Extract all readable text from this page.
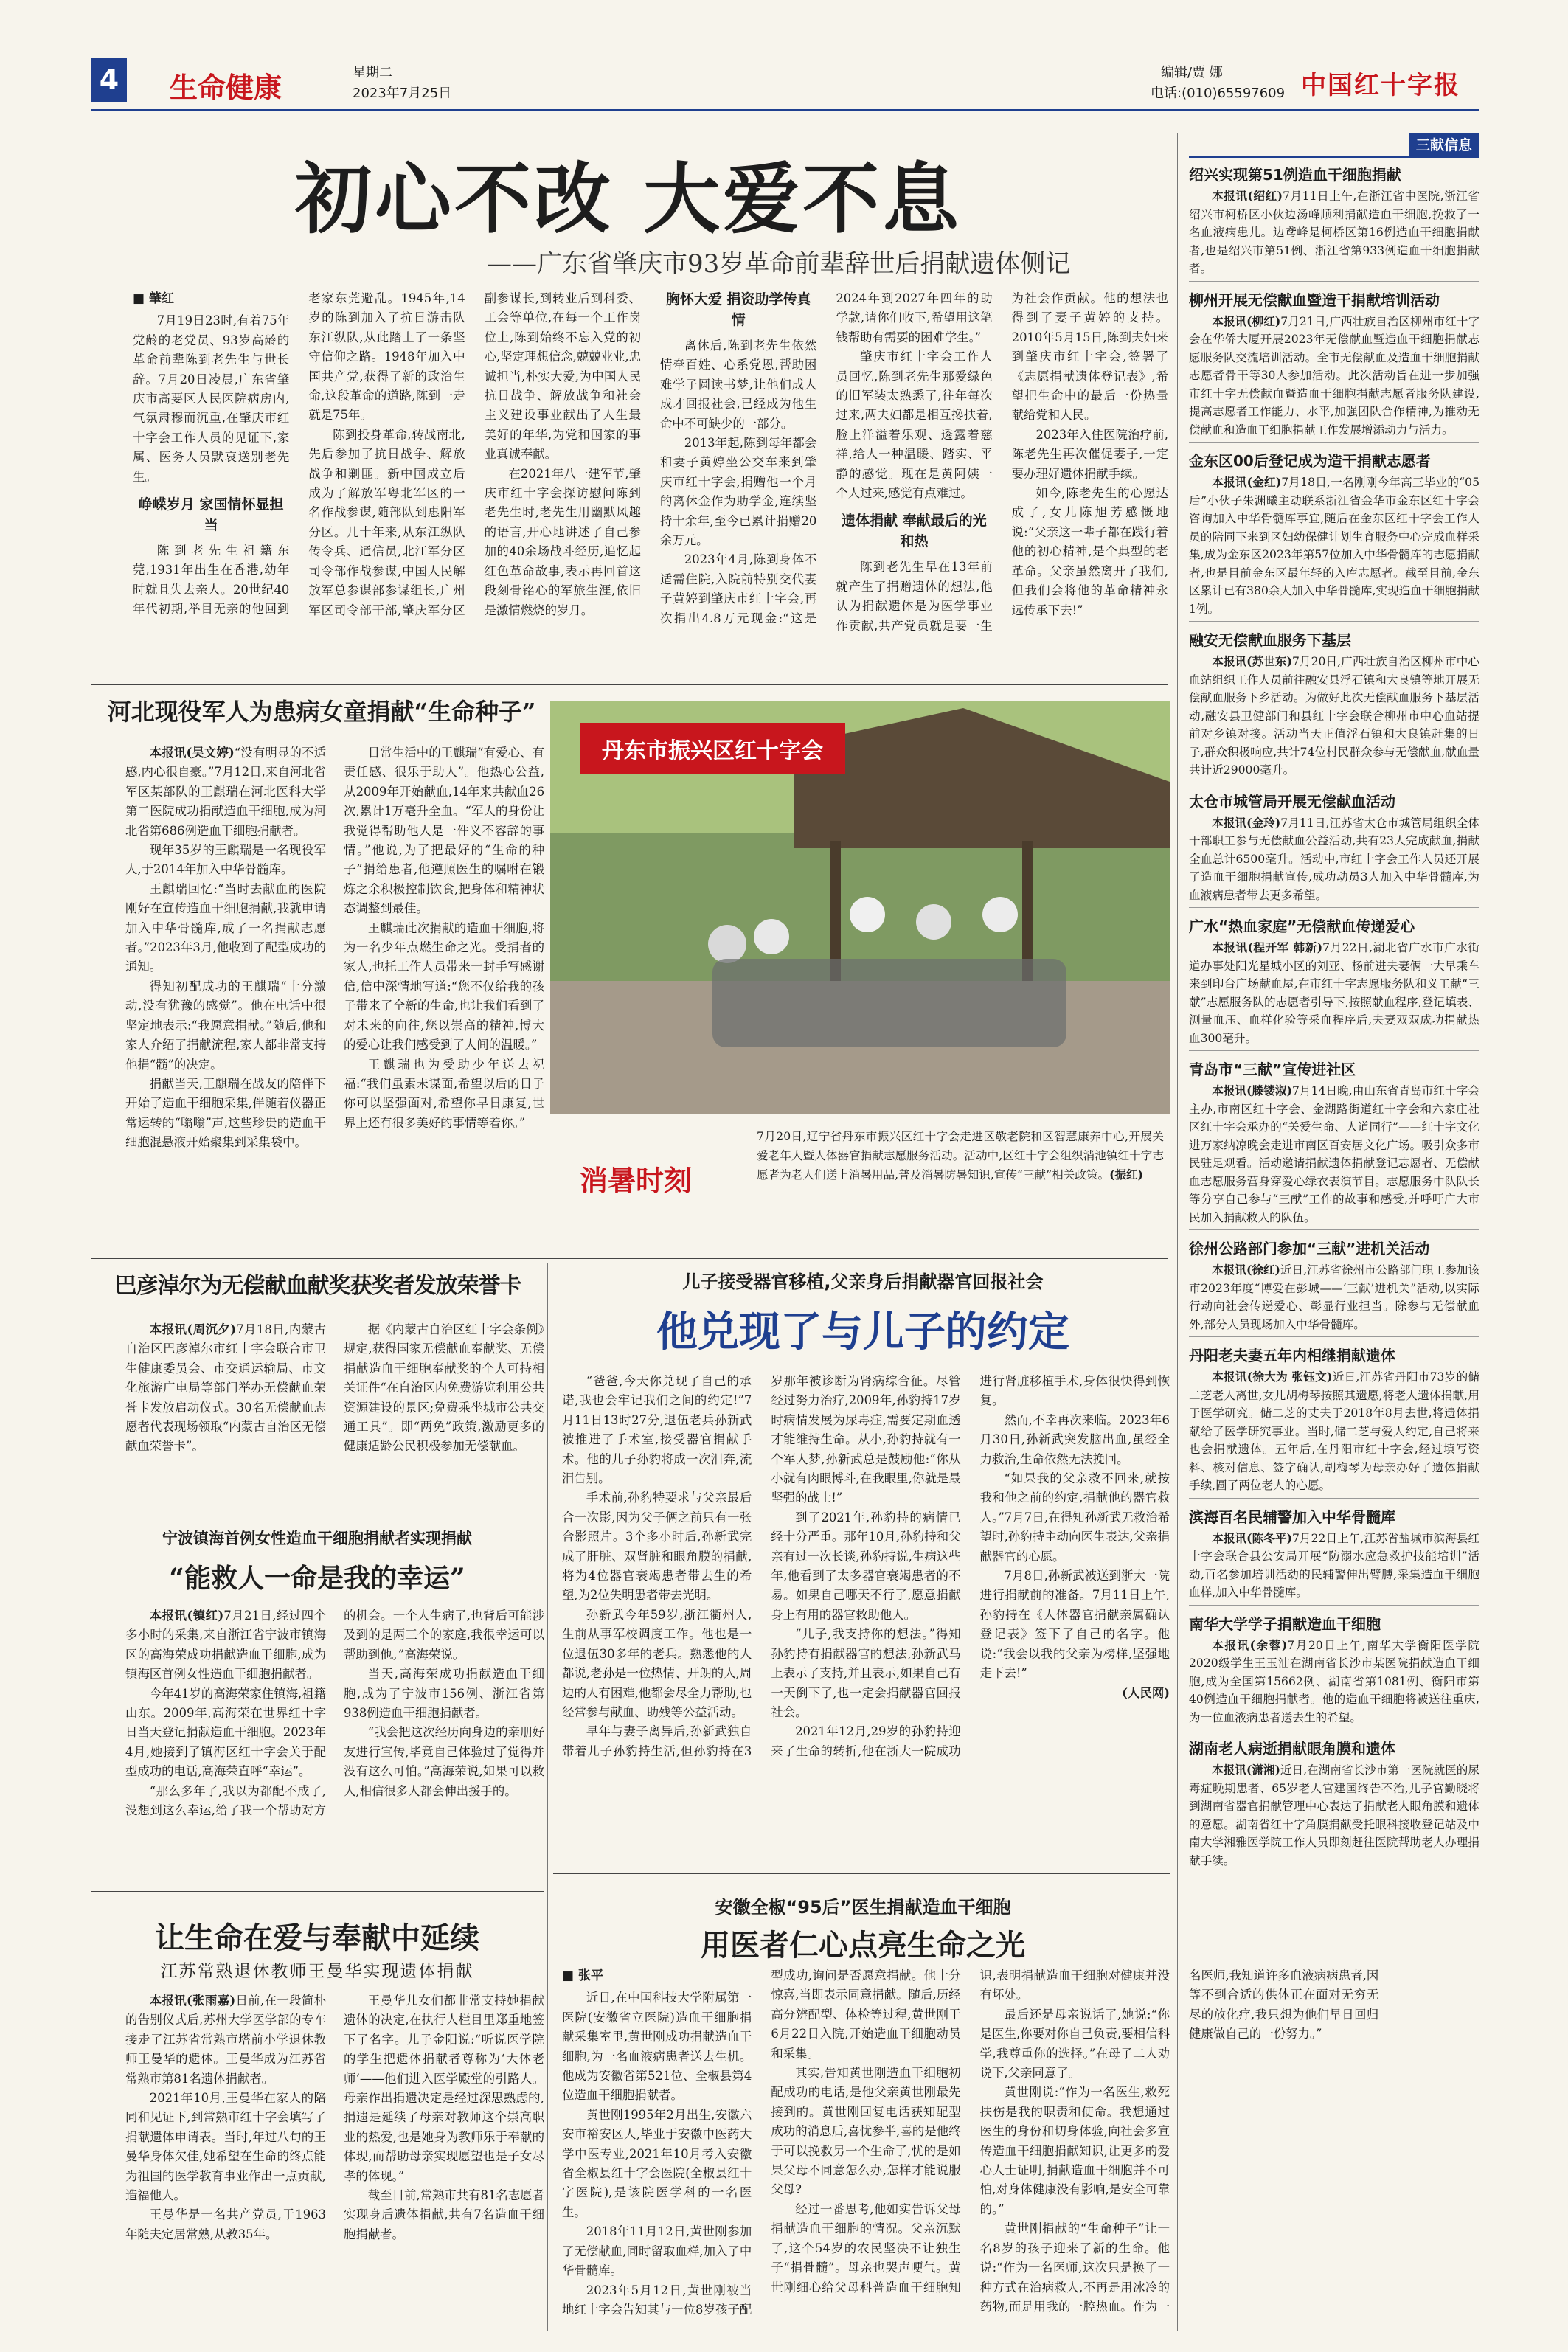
4 生命健康	星期二
2023年7月25日
编辑/贾 娜
电话:(010)65597609 中国红十字报
三献信息
绍兴实现第51例造血干细胞捐献
本报讯(绍红)7月11日上午,在浙江省中医院,浙江省绍兴市柯桥区小伙边汤峰顺利捐献造血干细胞,挽救了一名血液病患儿。边鸢峰是柯桥区第16例造血干细胞捐献者,也是绍兴市第51例、浙江省第933例造血干细胞捐献者。
柳州开展无偿献血暨造干捐献培训活动
本报讯(柳红)7月21日,广西壮族自治区柳州市红十字会在华侨大厦开展2023年无偿献血暨造血干细胞捐献志愿服务队交流培训活动。全市无偿献血及造血干细胞捐献志愿者骨干等30人参加活动。此次活动旨在进一步加强市红十字无偿献血暨造血干细胞捐献志愿者服务队建设,提高志愿者工作能力、水平,加强团队合作精神,为推动无偿献血和造血干细胞捐献工作发展增添动力与活力。
金东区00后登记成为造干捐献志愿者
本报讯(金红)7月18日,一名刚刚今年高三毕业的“05后”小伙子朱渊曦主动联系浙江省金华市金东区红十字会咨询加入中华骨髓库事宜,随后在金东区红十字会工作人员的陪同下来到区妇幼保健计划生育服务中心完成血样采集,成为金东区2023年第57位加入中华骨髓库的志愿捐献者,也是目前金东区最年轻的入库志愿者。截至目前,金东区累计已有380余人加入中华骨髓库,实现造血干细胞捐献1例。
融安无偿献血服务下基层
本报讯(苏世东)7月20日,广西壮族自治区柳州市中心血站组织工作人员前往融安县浮石镇和大良镇等地开展无偿献血服务下乡活动。为做好此次无偿献血服务下基层活动,融安县卫健部门和县红十字会联合柳州市中心血站提前对乡镇对接。活动当天正值浮石镇和大良镇赶集的日子,群众积极响应,共计74位村民群众参与无偿献血,献血量共计近29000毫升。
太仓市城管局开展无偿献血活动
本报讯(金玲)7月11日,江苏省太仓市城管局组织全体干部职工参与无偿献血公益活动,共有23人完成献血,捐献全血总计6500毫升。活动中,市红十字会工作人员还开展了造血干细胞捐献宣传,成功动员3人加入中华骨髓库,为血液病患者带去更多希望。
广水“热血家庭”无偿献血传递爱心
本报讯(程开军 韩新)7月22日,湖北省广水市广水街道办事处阳光星城小区的刘亚、杨前进夫妻俩一大早乘车来到印台广场献血屋,在市红十字志愿服务队和义工献“三献”志愿服务队的志愿者引导下,按照献血程序,登记填表、测量血压、血样化验等采血程序后,夫妻双双成功捐献热血300毫升。
青岛市“三献”宣传进社区
本报讯(滕镂淑)7月14日晚,由山东省青岛市红十字会主办,市南区红十字会、金湖路街道红十字会和六家庄社区红十字会承办的“关爱生命、人道同行”——红十字文化进万家纳凉晚会走进市南区百安居文化广场。吸引众多市民驻足观看。活动邀请捐献遗体捐献登记志愿者、无偿献血志愿服务营身穿爱心绿衣表演节目。志愿服务中队队长等分享自己参与“三献”工作的故事和感受,并呼吁广大市民加入捐献救人的队伍。
徐州公路部门参加“三献”进机关活动
本报讯(徐红)近日,江苏省徐州市公路部门职工参加该市2023年度“博爱在彭城——‘三献’进机关”活动,以实际行动向社会传递爱心、彰显行业担当。除参与无偿献血外,部分人员现场加入中华骨髓库。
丹阳老夫妻五年内相继捐献遗体
本报讯(徐大为 张钰文)近日,江苏省丹阳市73岁的储二芝老人离世,女儿胡梅琴按照其遗愿,将老人遗体捐献,用于医学研究。储二芝的丈夫于2018年8月去世,将遗体捐献给了医学研究事业。当时,储二芝与爱人约定,自己将来也会捐献遗体。五年后,在丹阳市红十字会,经过填写资料、核对信息、签字确认,胡梅琴为母亲办好了遗体捐献手续,圆了两位老人的心愿。
滨海百名民辅警加入中华骨髓库
本报讯(陈冬平)7月22日上午,江苏省盐城市滨海县红十字会联合县公安局开展“防溺水应急救护技能培训”活动,百名参加培训活动的民辅警伸出臂膊,采集造血干细胞血样,加入中华骨髓库。
南华大学学子捐献造血干细胞
本报讯(余蓉)7月20日上午,南华大学衡阳医学院2020级学生王玉汕在湖南省长沙市某医院捐献造血干细胞,成为全国第15662例、湖南省第1081例、衡阳市第40例造血干细胞捐献者。他的造血干细胞将被送往重庆,为一位血液病患者送去生的希望。
湖南老人病逝捐献眼角膜和遗体
本报讯(潇湘)近日,在湖南省长沙市第一医院就医的尿毒症晚期患者、65岁老人官建国终告不治,儿子官勤晓将到湖南省器官捐献管理中心表达了捐献老人眼角膜和遗体的意愿。湖南省红十字角膜捐献受托眼科接收登记站及中南大学湘雅医学院工作人员即刻赶往医院帮助老人办理捐献手续。
初心不改 大爱不息
——广东省肇庆市93岁革命前辈辞世后捐献遗体侧记
■ 肇红

7月19日23时,有着75年党龄的老党员、93岁高龄的革命前辈陈到老先生与世长辞。7月20日凌晨,广东省肇庆市高要区人民医院病房内,气氛肃穆而沉重,在肇庆市红十字会工作人员的见证下,家属、医务人员默哀送别老先生。

峥嵘岁月 家国情怀显担当

陈到老先生祖籍东莞,1931年出生在香港,幼年时就且失去亲人。20世纪40年代初期,举目无亲的他回到老家东莞避乱。1945年,14岁的陈到加入了抗日游击队东江纵队,从此踏上了一条坚守信仰之路。1948年加入中国共产党,获得了新的政治生命,这段革命的道路,陈到一走就是75年。

陈到投身革命,转战南北,先后参加了抗日战争、解放战争和剿匪。新中国成立后成为了解放军粤北军区的一名作战参谋,随部队到惠阳军分区。几十年来,从东江纵队传令兵、通信员,北江军分区司令部作战参谋,中国人民解放军总参谋部参谋组长,广州军区司令部干部,肇庆军分区副参谋长,到转业后到科委、工会等单位,在每一个工作岗位上,陈到始终不忘入党的初心,坚定理想信念,兢兢业业,忠诚担当,朴实大爱,为中国人民抗日战争、解放战争和社会主义建设事业献出了人生最美好的年华,为党和国家的事业真诚奉献。

在2021年八一建军节,肇庆市红十字会探访慰问陈到老先生时,老先生用幽默风趣的语言,开心地讲述了自己参加的40余场战斗经历,追忆起红色革命故事,表示再回首这段刻骨铭心的军旅生涯,依旧是激情燃烧的岁月。

胸怀大爱 捐资助学传真情

离休后,陈到老先生依然情牵百姓、心系党恩,帮助困难学子圆读书梦,让他们成人成才回报社会,已经成为他生命中不可缺少的一部分。

2013年起,陈到每年都会和妻子黄婷坐公交车来到肇庆市红十字会,捐赠他一个月的离休金作为助学金,连续坚持十余年,至今已累计捐赠20余万元。

2023年4月,陈到身体不适需住院,入院前特别交代妻子黄婷到肇庆市红十字会,再次捐出4.8万元现金:“这是2024年到2027年四年的助学款,请你们收下,希望用这笔钱帮助有需要的困难学生。”

肇庆市红十字会工作人员回忆,陈到老先生那爱绿色的旧军装太熟悉了,往年每次过来,两夫妇都是相互搀扶着,脸上洋溢着乐观、透露着慈祥,给人一种温暖、踏实、平静的感觉。现在是黄阿姨一个人过来,感觉有点难过。

遗体捐献 奉献最后的光和热

陈到老先生早在13年前就产生了捐赠遗体的想法,他认为捐献遗体是为医学事业作贡献,共产党员就是要一生为社会作贡献。他的想法也得到了妻子黄婷的支持。2010年5月15日,陈到夫妇来到肇庆市红十字会,签署了《志愿捐献遗体登记表》,希望把生命中的最后一份热量献给党和人民。

2023年入住医院治疗前,陈老先生再次催促妻子,一定要办理好遗体捐献手续。

如今,陈老先生的心愿达成了,女儿陈旭芳感慨地说:“父亲这一辈子都在践行着他的初心精神,是个典型的老革命。父亲虽然离开了我们,但我们会将他的革命精神永远传承下去!”

河北现役军人为患病女童捐献“生命种子”

本报讯(吴文婷)“没有明显的不适感,内心很自豪。”7月12日,来自河北省军区某部队的王麒瑞在河北医科大学第二医院成功捐献造血干细胞,成为河北省第686例造血干细胞捐献者。

现年35岁的王麒瑞是一名现役军人,于2014年加入中华骨髓库。

王麒瑞回忆:“当时去献血的医院刚好在宣传造血干细胞捐献,我就申请加入中华骨髓库,成了一名捐献志愿者。”2023年3月,他收到了配型成功的通知。

得知初配成功的王麒瑞“十分激动,没有犹豫的感觉”。他在电话中很坚定地表示:“我愿意捐献。”随后,他和家人介绍了捐献流程,家人都非常支持他捐“髓”的决定。

捐献当天,王麒瑞在战友的陪伴下开始了造血干细胞采集,伴随着仪器正常运转的“嗡嗡”声,这些珍贵的造血干细胞混悬液开始聚集到采集袋中。

日常生活中的王麒瑞“有爱心、有责任感、很乐于助人”。他热心公益,从2009年开始献血,14年来共献血26次,累计1万毫升全血。“军人的身份让我觉得帮助他人是一件义不容辞的事情。”他说,为了把最好的“生命的种子”捐给患者,他遵照医生的嘱咐在锻炼之余积极控制饮食,把身体和精神状态调整到最佳。

王麒瑞此次捐献的造血干细胞,将为一名少年点燃生命之光。受捐者的家人,也托工作人员带来一封手写感谢信,信中深情地写道:“您不仅给我的孩子带来了全新的生命,也让我们看到了对未来的向往,您以崇高的精神,博大的爱心让我们感受到了人间的温暖。”

王麒瑞也为受助少年送去祝福:“我们虽素未谋面,希望以后的日子你可以坚强面对,希望你早日康复,世界上还有很多美好的事情等着你。”

丹东市振兴区红十字会
消暑时刻
7月20日,辽宁省丹东市振兴区红十字会走进区敬老院和区智慧康养中心,开展关爱老年人暨人体器官捐献志愿服务活动。活动中,区红十字会组织消池镇红十字志愿者为老人们送上消暑用品,普及消暑防暑知识,宣传“三献”相关政策。(振红)
巴彦淖尔为无偿献血献奖获奖者发放荣誉卡

本报讯(周沉夕)7月18日,内蒙古自治区巴彦淖尔市红十字会联合市卫生健康委员会、市交通运输局、市文化旅游广电局等部门举办无偿献血荣誉卡发放启动仪式。30名无偿献血志愿者代表现场领取“内蒙古自治区无偿献血荣誉卡”。

据《内蒙古自治区红十字会条例》规定,获得国家无偿献血奉献奖、无偿捐献造血干细胞奉献奖的个人可持相关证件“在自治区内免费游览利用公共资源建设的景区;免费乘坐城市公共交通工具”。即“两免”政策,激励更多的健康适龄公民积极参加无偿献血。

宁波镇海首例女性造血干细胞捐献者实现捐献
“能救人一命是我的幸运”

本报讯(镇红)7月21日,经过四个多小时的采集,来自浙江省宁波市镇海区的高海荣成功捐献造血干细胞,成为镇海区首例女性造血干细胞捐献者。

今年41岁的高海荣家住镇海,祖籍山东。2009年,高海荣在世界红十字日当天登记捐献造血干细胞。2023年4月,她接到了镇海区红十字会关于配型成功的电话,高海荣直呼“幸运”。

“那么多年了,我以为都配不成了,没想到这么幸运,给了我一个帮助对方的机会。一个人生病了,也背后可能涉及到的是两三个的家庭,我很幸运可以帮助到他。”高海荣说。

当天,高海荣成功捐献造血干细胞,成为了宁波市156例、浙江省第938例造血干细胞捐献者。

“我会把这次经历向身边的亲朋好友进行宣传,毕竟自己体验过了觉得并没有这么可怕。”高海荣说,如果可以救人,相信很多人都会伸出援手的。

让生命在爱与奉献中延续
江苏常熟退休教师王曼华实现遗体捐献

本报讯(张雨嘉)日前,在一段简朴的告别仪式后,苏州大学医学部的专车接走了江苏省常熟市塔前小学退休教师王曼华的遗体。王曼华成为江苏省常熟市第81名遗体捐献者。

2021年10月,王曼华在家人的陪同和见证下,到常熟市红十字会填写了捐献遗体申请表。当时,年过八旬的王曼华身体欠佳,她希望在生命的终点能为祖国的医学教育事业作出一点贡献,造福他人。

王曼华是一名共产党员,于1963年随夫定居常熟,从教35年。

王曼华儿女们都非常支持她捐献遗体的决定,在执行人栏目里郑重地签下了名字。儿子金阳说:“听说医学院的学生把遗体捐献者尊称为‘大体老师’——他们进入医学殿堂的引路人。母亲作出捐遗决定是经过深思熟虑的,捐遗是延续了母亲对教师这个崇高职业的热爱,也是她身为教师乐于奉献的体现,而帮助母亲实现愿望也是子女尽孝的体现。”

截至目前,常熟市共有81名志愿者实现身后遗体捐献,共有7名造血干细胞捐献者。

儿子接受器官移植,父亲身后捐献器官回报社会
他兑现了与儿子的约定

“爸爸,今天你兑现了自己的承诺,我也会牢记我们之间的约定!”7月11日13时27分,退伍老兵孙新武被推进了手术室,接受器官捐献手术。他的儿子孙豹将成一次泪奔,流泪告别。

手术前,孙豹特要求与父亲最后合一次影,因为父子俩之前只有一张合影照片。3个多小时后,孙新武完成了肝脏、双肾脏和眼角膜的捐献,将为4位器官衰竭患者带去生的希望,为2位失明患者带去光明。

孙新武今年59岁,浙江衢州人,生前从事军校调度工作。他也是一位退伍30多年的老兵。熟悉他的人都说,老孙是一位热情、开朗的人,周边的人有困难,他都会尽全力帮助,也经常参与献血、助残等公益活动。

早年与妻子离异后,孙新武独自带着儿子孙豹持生活,但孙豹持在3岁那年被诊断为肾病综合征。尽管经过努力治疗,2009年,孙豹持17岁时病情发展为尿毒症,需要定期血透才能维持生命。从小,孙豹持就有一个军人梦,孙新武总是鼓励他:“你从小就有肉眼博斗,在我眼里,你就是最坚强的战士!”

到了2021年,孙豹持的病情已经十分严重。那年10月,孙豹持和父亲有过一次长谈,孙豹持说,生病这些年,他看到了太多器官衰竭患者的不易。如果自己哪天不行了,愿意捐献身上有用的器官救助他人。

“儿子,我支持你的想法。”得知孙豹持有捐献器官的想法,孙新武马上表示了支持,并且表示,如果自己有一天倒下了,也一定会捐献器官回报社会。

2021年12月,29岁的孙豹持迎来了生命的转折,他在浙大一院成功进行肾脏移植手术,身体很快得到恢复。

然而,不幸再次来临。2023年6月30日,孙新武突发脑出血,虽经全力救治,生命依然无法挽回。

“如果我的父亲救不回来,就按我和他之前的约定,捐献他的器官救人。”7月7日,在得知孙新武无救治希望时,孙豹持主动向医生表达,父亲捐献器官的心愿。

7月8日,孙新武被送到浙大一院进行捐献前的准备。7月11日上午,孙豹持在《人体器官捐献亲属确认登记表》签下了自己的名字。他说:“我会以我的父亲为榜样,坚强地走下去!”

(人民网)
安徽全椒“95后”医生捐献造血干细胞
用医者仁心点亮生命之光
■ 张平

近日,在中国科技大学附属第一医院(安徽省立医院)造血干细胞捐献采集室里,黄世刚成功捐献造血干细胞,为一名血液病患者送去生机。他成为安徽省第521位、全椒县第4位造血干细胞捐献者。

黄世刚1995年2月出生,安徽六安市裕安区人,毕业于安徽中医药大学中医专业,2021年10月考入安徽省全椒县红十字会医院(全椒县红十字医院),是该院医学科的一名医生。

2018年11月12日,黄世刚参加了无偿献血,同时留取血样,加入了中华骨髓库。

2023年5月12日,黄世刚被当地红十字会告知其与一位8岁孩子配型成功,询问是否愿意捐献。他十分惊喜,当即表示同意捐献。随后,历经高分辨配型、体检等过程,黄世刚于6月22日入院,开始造血干细胞动员和采集。

其实,告知黄世刚造血干细胞初配成功的电话,是他父亲黄世刚最先接到的。黄世刚回复电话获知配型成功的消息后,喜忧参半,喜的是他终于可以挽救另一个生命了,忧的是如果父母不同意怎么办,怎样才能说服父母?

经过一番思考,他如实告诉父母捐献造血干细胞的情况。父亲沉默了,这个54岁的农民坚决不让独生子“捐骨髓”。母亲也哭声哽气。黄世刚细心给父母科普造血干细胞知识,表明捐献造血干细胞对健康并没有坏处。

最后还是母亲说话了,她说:“你是医生,你要对你自己负责,要相信科学,我尊重你的选择。”在母子二人劝说下,父亲同意了。

黄世刚说:“作为一名医生,救死扶伤是我的职责和使命。我想通过医生的身份和切身体验,向社会多宣传造血干细胞捐献知识,让更多的爱心人士证明,捐献造血干细胞并不可怕,对身体健康没有影响,是安全可靠的。”

黄世刚捐献的“生命种子”让一名8岁的孩子迎来了新的生命。他说:“作为一名医师,这次只是换了一种方式在治病救人,不再是用冰冷的药物,而是用我的一腔热血。作为一名医师,我知道许多血液病病患者,因等不到合适的供体正在面对无穷无尽的放化疗,我只想为他们早日回归健康做自己的一份努力。”
